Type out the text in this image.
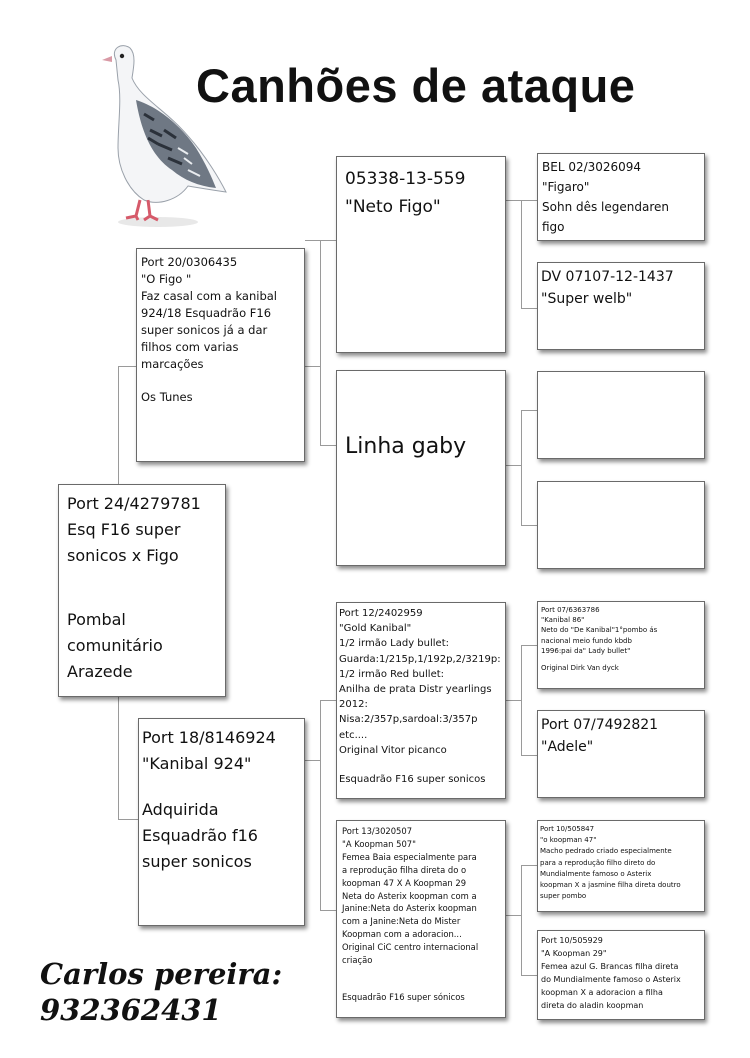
Canhões de ataque

Port 24/4279781

Esq F16 super
sonicos x Figo

Pombal
comunitário
Arazede

Port 20/0306435

"O Figo "

Faz casal com a kanibal
924/18 Esquadrão F16
super sonicos já a dar
filhos com varias
marcações

Os Tunes

Port 18/8146924

"Kanibal 924"

Adquirida
Esquadrão f16
super sonicos

05338-13-559

"Neto Figo"

Linha gaby

Port 12/2402959
"Gold Kanibal"
1/2 irmão Lady bullet:
Guarda:1/215p,1/192p,2/3219p:
1/2 irmão Red bullet:
Anilha de prata Distr yearlings
2012:
Nisa:2/357p,sardoal:3/357p
etc....
Original Vitor picanco

Esquadrão F16 super sonicos

Port 13/3020507
"A Koopman 507"
Femea Baia especialmente para
a reprodução filha direta do o
koopman 47 X A Koopman 29
Neta do Asterix koopman com a
Janine:Neta do Asterix koopman
com a Janine:Neta do Mister
Koopman com a adoracion...
Original CiC centro internacional
criação

Esquadrão F16 super sónicos

BEL 02/3026094
"Figaro"
Sohn dês legendaren
figo

DV 07107-12-1437

"Super welb"

Port 07/6363786
"Kanibal 86"
Neto do "De Kanibal"1°pombo ás
nacional meio fundo kbdb
1996:pai da" Lady bullet"

Original Dirk Van dyck

Port 07/7492821

"Adele"

Port 10/505847
"o koopman 47"
Macho pedrado criado especialmente
para a reprodução filho direto do
Mundialmente famoso o Asterix
koopman X a jasmine filha direta doutro
super pombo

Port 10/505929
"A Koopman 29"
Femea azul G. Brancas filha direta
do Mundialmente famoso o Asterix
koopman X a adoracion a filha
direta do aladin koopman

Carlos pereira:

932362431
